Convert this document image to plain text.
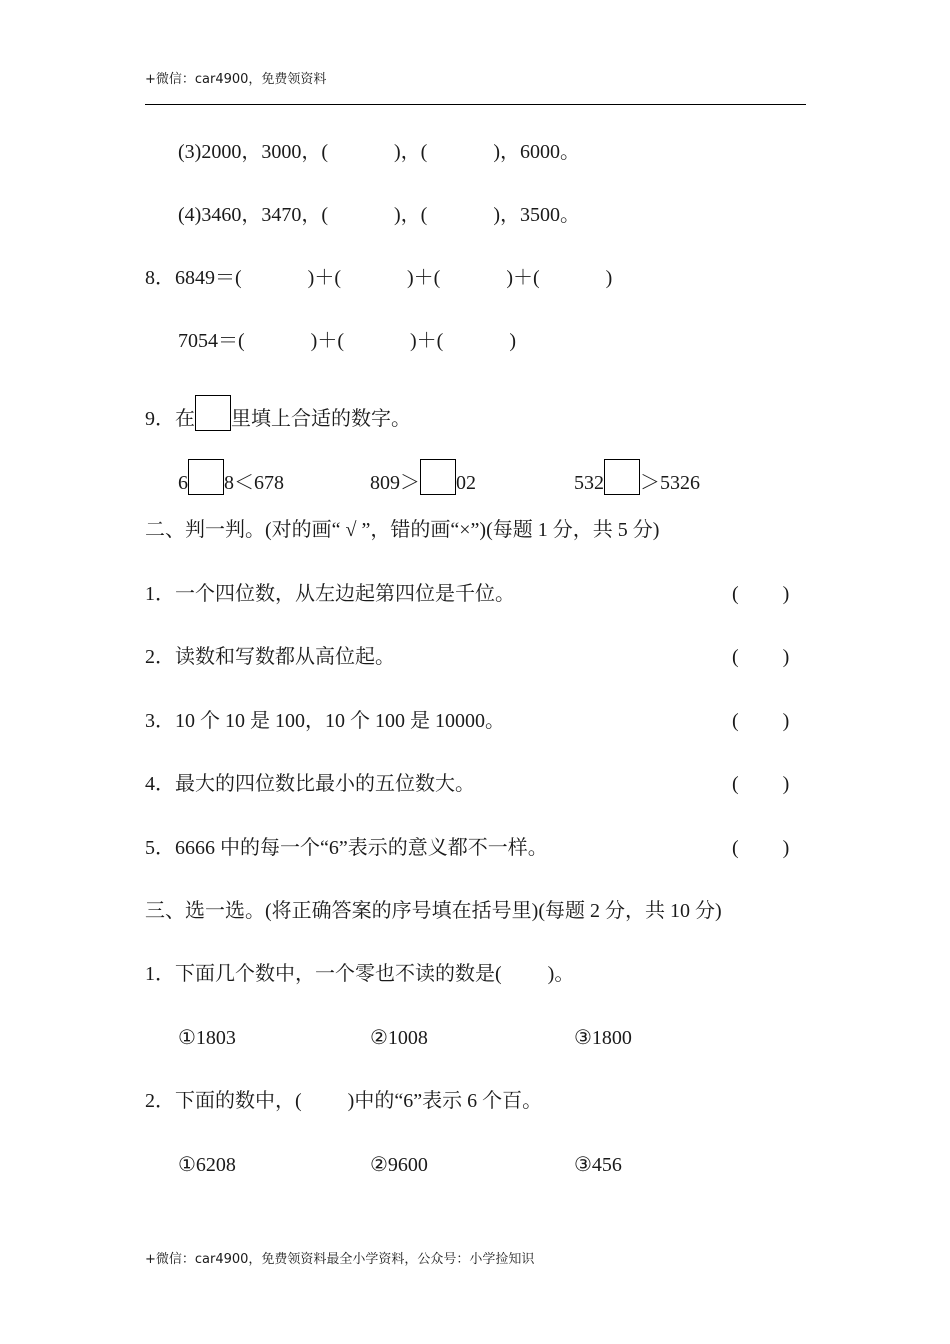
+微信：car4900，免费领资料
(3)2000，3000，(	)，(	)，6000。
(4)3460，3470，(	)，(	)，3500。
8．6849＝(	)＋(	)＋(	)＋(	)
7054＝(	)＋(	)＋(	)
9．在 里填上合适的数字。
6 8＜678	809＞ 02	532 ＞5326
二、判一判。(对的画“ √ ”，错的画“×”)(每题 1 分，共 5 分)
1．一个四位数，从左边起第四位是千位。	( )
2．读数和写数都从高位起。	( )
3．10 个 10 是 100，10 个 100 是 10000。	( )
4．最大的四位数比最小的五位数大。	( )
5．6666 中的每一个“6”表示的意义都不一样。	( )
三、选一选。(将正确答案的序号填在括号里)(每题 2 分，共 10 分)
1．下面几个数中，一个零也不读的数是( )。
①1803	②1008	③1800
2．下面的数中，( )中的“6”表示 6 个百。
①6208	②9600	③456
+微信：car4900，免费领资料最全小学资料，公众号：小学捡知识
